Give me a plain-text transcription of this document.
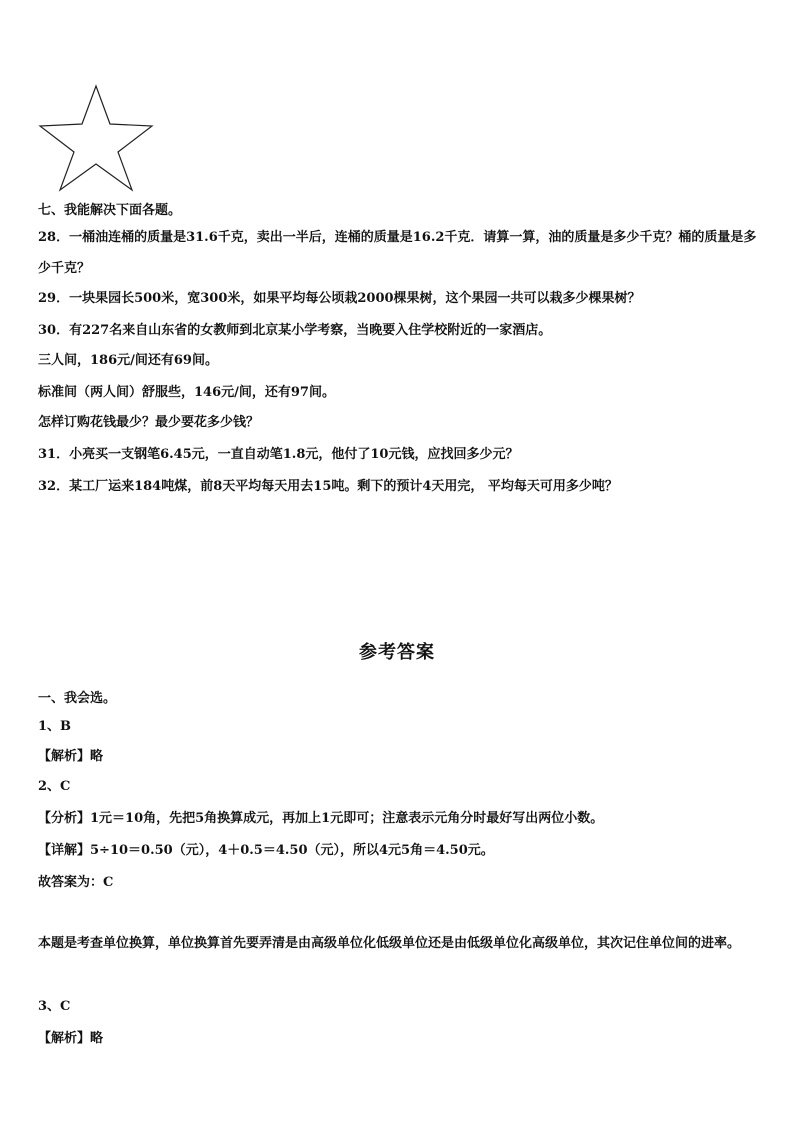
七、我能解决下面各题。
28．一桶油连桶的质量是31.6千克，卖出一半后，连桶的质量是16.2千克．请算一算，油的质量是多少千克？桶的质量是多少千克？
29．一块果园长500米，宽300米，如果平均每公顷栽2000棵果树，这个果园一共可以栽多少棵果树？
30．有227名来自山东省的女教师到北京某小学考察，当晚要入住学校附近的一家酒店。
三人间，186元/间还有69间。
标准间（两人间）舒服些，146元/间，还有97间。
怎样订购花钱最少？最少要花多少钱？
31．小亮买一支钢笔6.45元，一直自动笔1.8元，他付了10元钱，应找回多少元？
32．某工厂运来184吨煤，前8天平均每天用去15吨。剩下的预计4天用完， 平均每天可用多少吨？
参考答案
一、我会选。
1、B
【解析】略
2、C
【分析】1元＝10角，先把5角换算成元，再加上1元即可；注意表示元角分时最好写出两位小数。
【详解】5÷10＝0.50（元），4＋0.5＝4.50（元），所以4元5角＝4.50元。
故答案为：C
本题是考查单位换算，单位换算首先要弄清是由高级单位化低级单位还是由低级单位化高级单位，其次记住单位间的进率。
3、C
【解析】略
